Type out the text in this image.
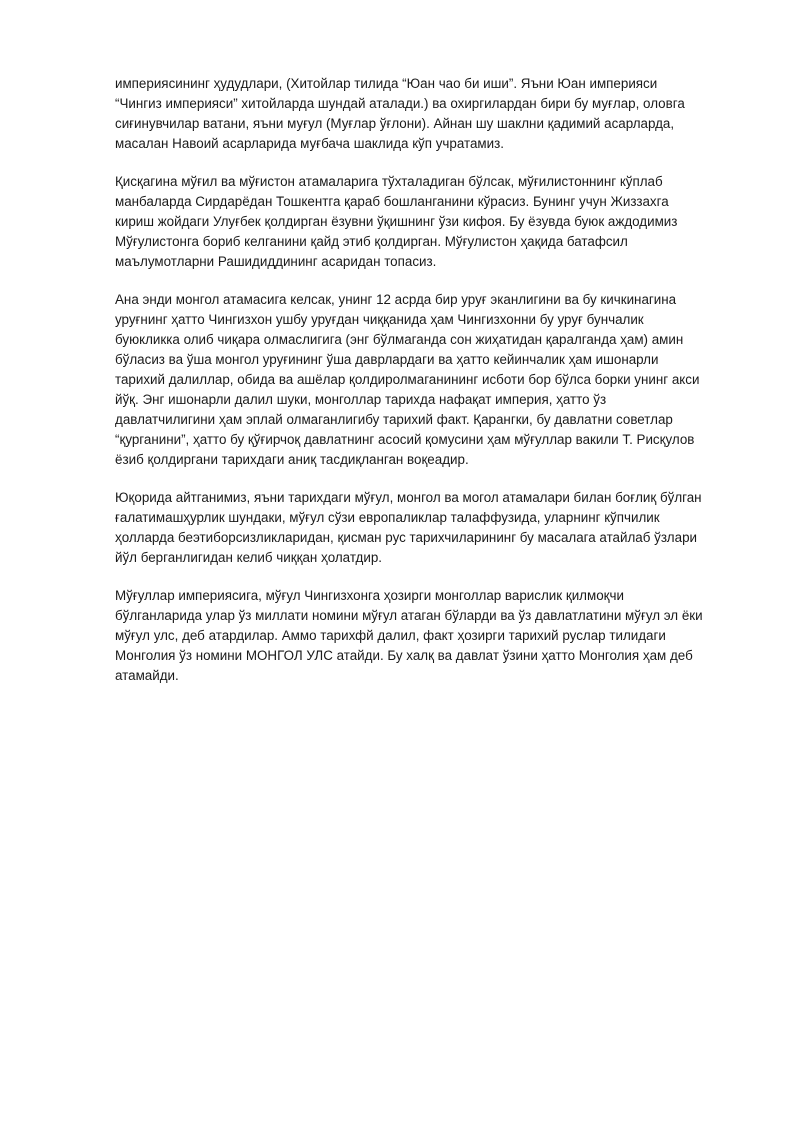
империясининг ҳудудлари, (Хитойлар тилида “Юан чао би иши”. Яъни Юан империяси “Чингиз империяси” хитойларда шундай аталади.) ва охиргилардан бири бу муғлар, оловга сиғинувчилар ватани, яъни муғул (Муғлар ўғлони). Айнан шу шаклни қадимий асарларда, масалан Навоий асарларида муғбача шаклида кўп учратамиз.

Қисқагина мўғил ва мўғистон атамаларига тўхталадиган бўлсак, мўғилистоннинг кўплаб манбаларда Сирдарёдан Тошкентга қараб бошланганини кўрасиз. Бунинг учун Жиззахга кириш жойдаги Улуғбек қолдирган ёзувни ўқишнинг ўзи кифоя. Бу ёзувда буюк аждодимиз Мўғулистонга бориб келганини қайд этиб қолдирган. Мўғулистон ҳақида батафсил маълумотларни Рашидиддининг асаридан топасиз.

Ана энди монгол атамасига келсак, унинг 12 асрда бир уруғ эканлигини ва бу кичкинагина уруғнинг ҳатто Чингизхон ушбу уруғдан чиққанида ҳам Чингизхонни бу уруғ бунчалик буюкликка олиб чиқара олмаслигига (энг бўлмаганда сон жиҳатидан қаралганда ҳам) амин бўласиз ва ўша монгол уруғининг ўша даврлардаги ва ҳатто кейинчалик ҳам ишонарли тарихий далиллар, обида ва ашёлар қолдиролмаганининг исботи бор бўлса борки унинг акси йўқ. Энг ишонарли далил шуки, монголлар тарихда нафақат империя, ҳатто ўз давлатчилигини ҳам эплай олмаганлигибу тарихий факт. Қарангки, бу давлатни советлар “қурганини”, ҳатто бу қўғирчоқ давлатнинг асосий қомусини ҳам мўғуллар вакили Т. Рисқулов ёзиб қолдиргани тарихдаги аниқ тасдиқланган воқеадир.

Юқорида айтганимиз, яъни тарихдаги мўғул, монгол ва могол атамалари билан боғлиқ бўлган ғалатимашҳурлик шундаки, мўғул сўзи европаликлар талаффузида, уларнинг кўпчилик ҳолларда беэтиборсизликларидан, қисман рус тарихчиларининг бу масалага атайлаб ўзлари йўл берганлигидан келиб чиққан ҳолатдир.

Мўғуллар империясига, мўғул Чингизхонга ҳозирги монголлар варислик қилмоқчи бўлганларида улар ўз миллати номини мўғул атаган бўларди ва ўз давлатлатини мўғул эл ёки мўғул улс, деб атардилар. Аммо тарихфй далил, факт ҳозирги тарихий руслар тилидаги Монголия ўз номини МОНГОЛ УЛС атайди. Бу халқ ва давлат ўзини ҳатто Монголия ҳам деб атамайди.
